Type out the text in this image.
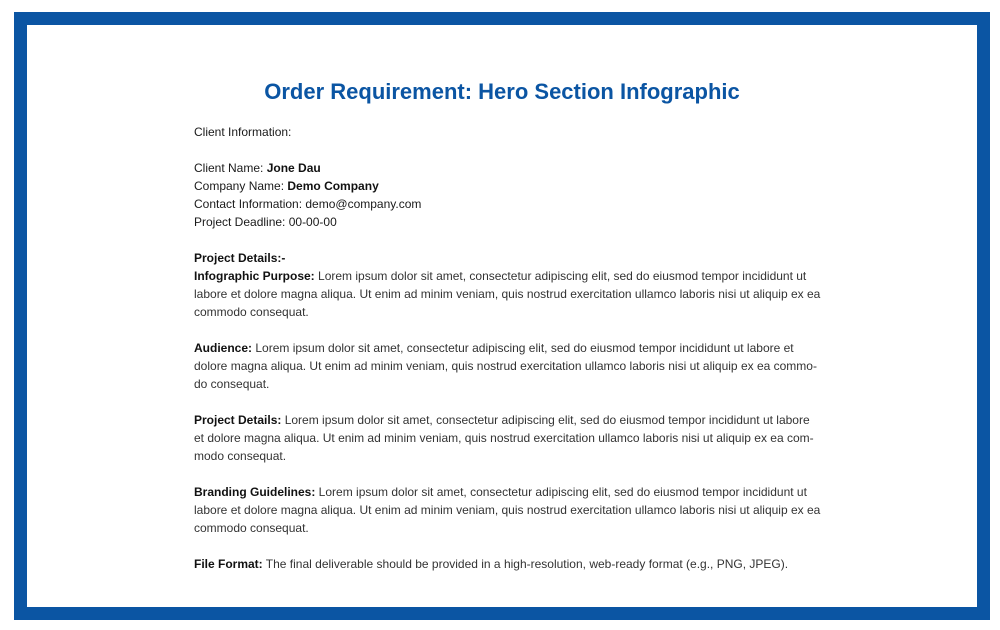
Order Requirement: Hero Section Infographic
Client Information:
Client Name: Jone Dau
Company Name: Demo Company
Contact Information: demo@company.com
Project Deadline: 00-00-00
Project Details:-
Infographic Purpose: Lorem ipsum dolor sit amet, consectetur adipiscing elit, sed do eiusmod tempor incididunt ut
labore et dolore magna aliqua. Ut enim ad minim veniam, quis nostrud exercitation ullamco laboris nisi ut aliquip ex ea
commodo consequat.
Audience: Lorem ipsum dolor sit amet, consectetur adipiscing elit, sed do eiusmod tempor incididunt ut labore et
dolore magna aliqua. Ut enim ad minim veniam, quis nostrud exercitation ullamco laboris nisi ut aliquip ex ea commo-
do consequat.
Project Details: Lorem ipsum dolor sit amet, consectetur adipiscing elit, sed do eiusmod tempor incididunt ut labore
et dolore magna aliqua. Ut enim ad minim veniam, quis nostrud exercitation ullamco laboris nisi ut aliquip ex ea com-
modo consequat.
Branding Guidelines: Lorem ipsum dolor sit amet, consectetur adipiscing elit, sed do eiusmod tempor incididunt ut
labore et dolore magna aliqua. Ut enim ad minim veniam, quis nostrud exercitation ullamco laboris nisi ut aliquip ex ea
commodo consequat.
File Format: The final deliverable should be provided in a high-resolution, web-ready format (e.g., PNG, JPEG).
